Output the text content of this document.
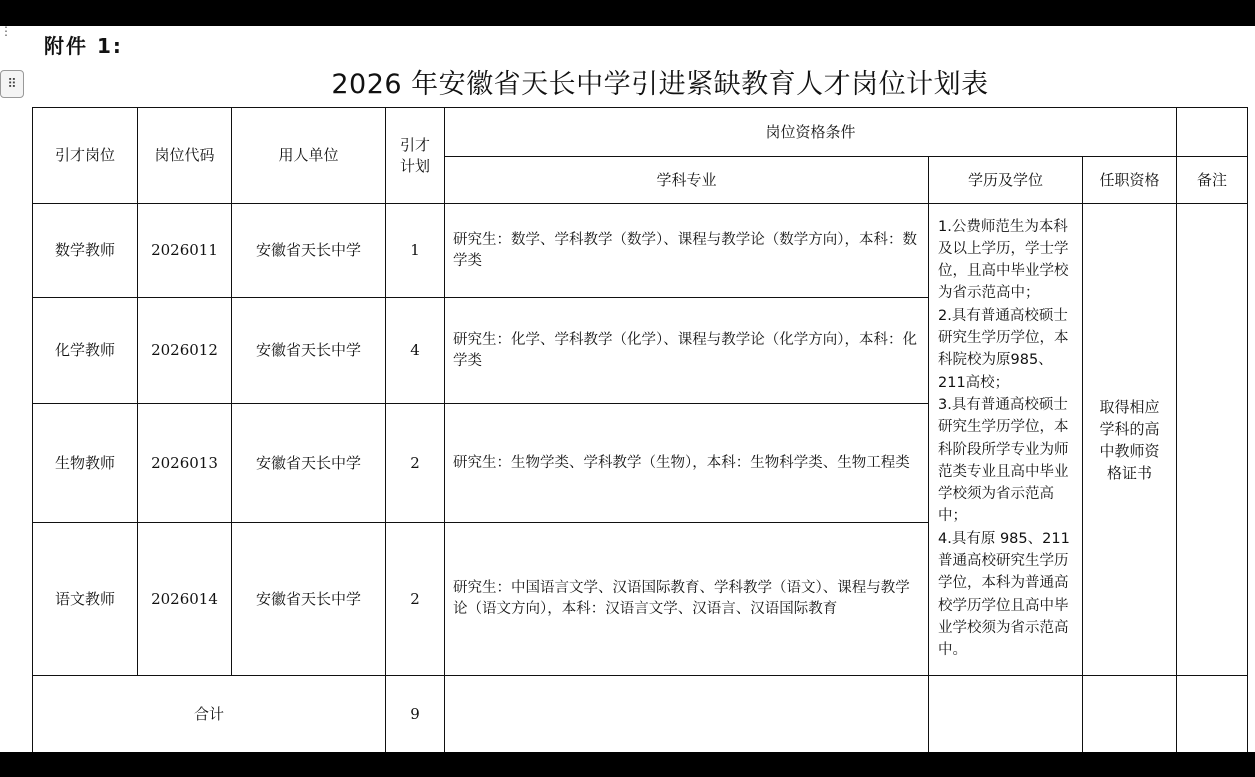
⋮
⠿
附件 1:
2026 年安徽省天长中学引进紧缺教育人才岗位计划表
引才岗位	岗位代码	用人单位	引才计划	岗位资格条件			
				学科专业	学历及学位	任职资格	备注
数学教师	2026011	安徽省天长中学	1	研究生：数学、学科教学（数学）、课程与教学论（数学方向），本科：数学类	1.公费师范生为本科及以上学历，学士学位，且高中毕业学校为省示范高中；
2.具有普通高校硕士研究生学历学位，本科院校为原985、211高校；
3.具有普通高校硕士研究生学历学位，本科阶段所学专业为师范类专业且高中毕业学校须为省示范高中；
4.具有原 985、211普通高校研究生学历学位，本科为普通高校学历学位且高中毕业学校须为省示范高中。	取得相应学科的高中教师资格证书	
化学教师	2026012	安徽省天长中学	4	研究生：化学、学科教学（化学）、课程与教学论（化学方向），本科：化学类			
生物教师	2026013	安徽省天长中学	2	研究生：生物学类、学科教学（生物），本科：生物科学类、生物工程类			
语文教师	2026014	安徽省天长中学	2	研究生：中国语言文学、汉语国际教育、学科教学（语文）、课程与教学论（语文方向），本科：汉语言文学、汉语言、汉语国际教育			
合计			9				
